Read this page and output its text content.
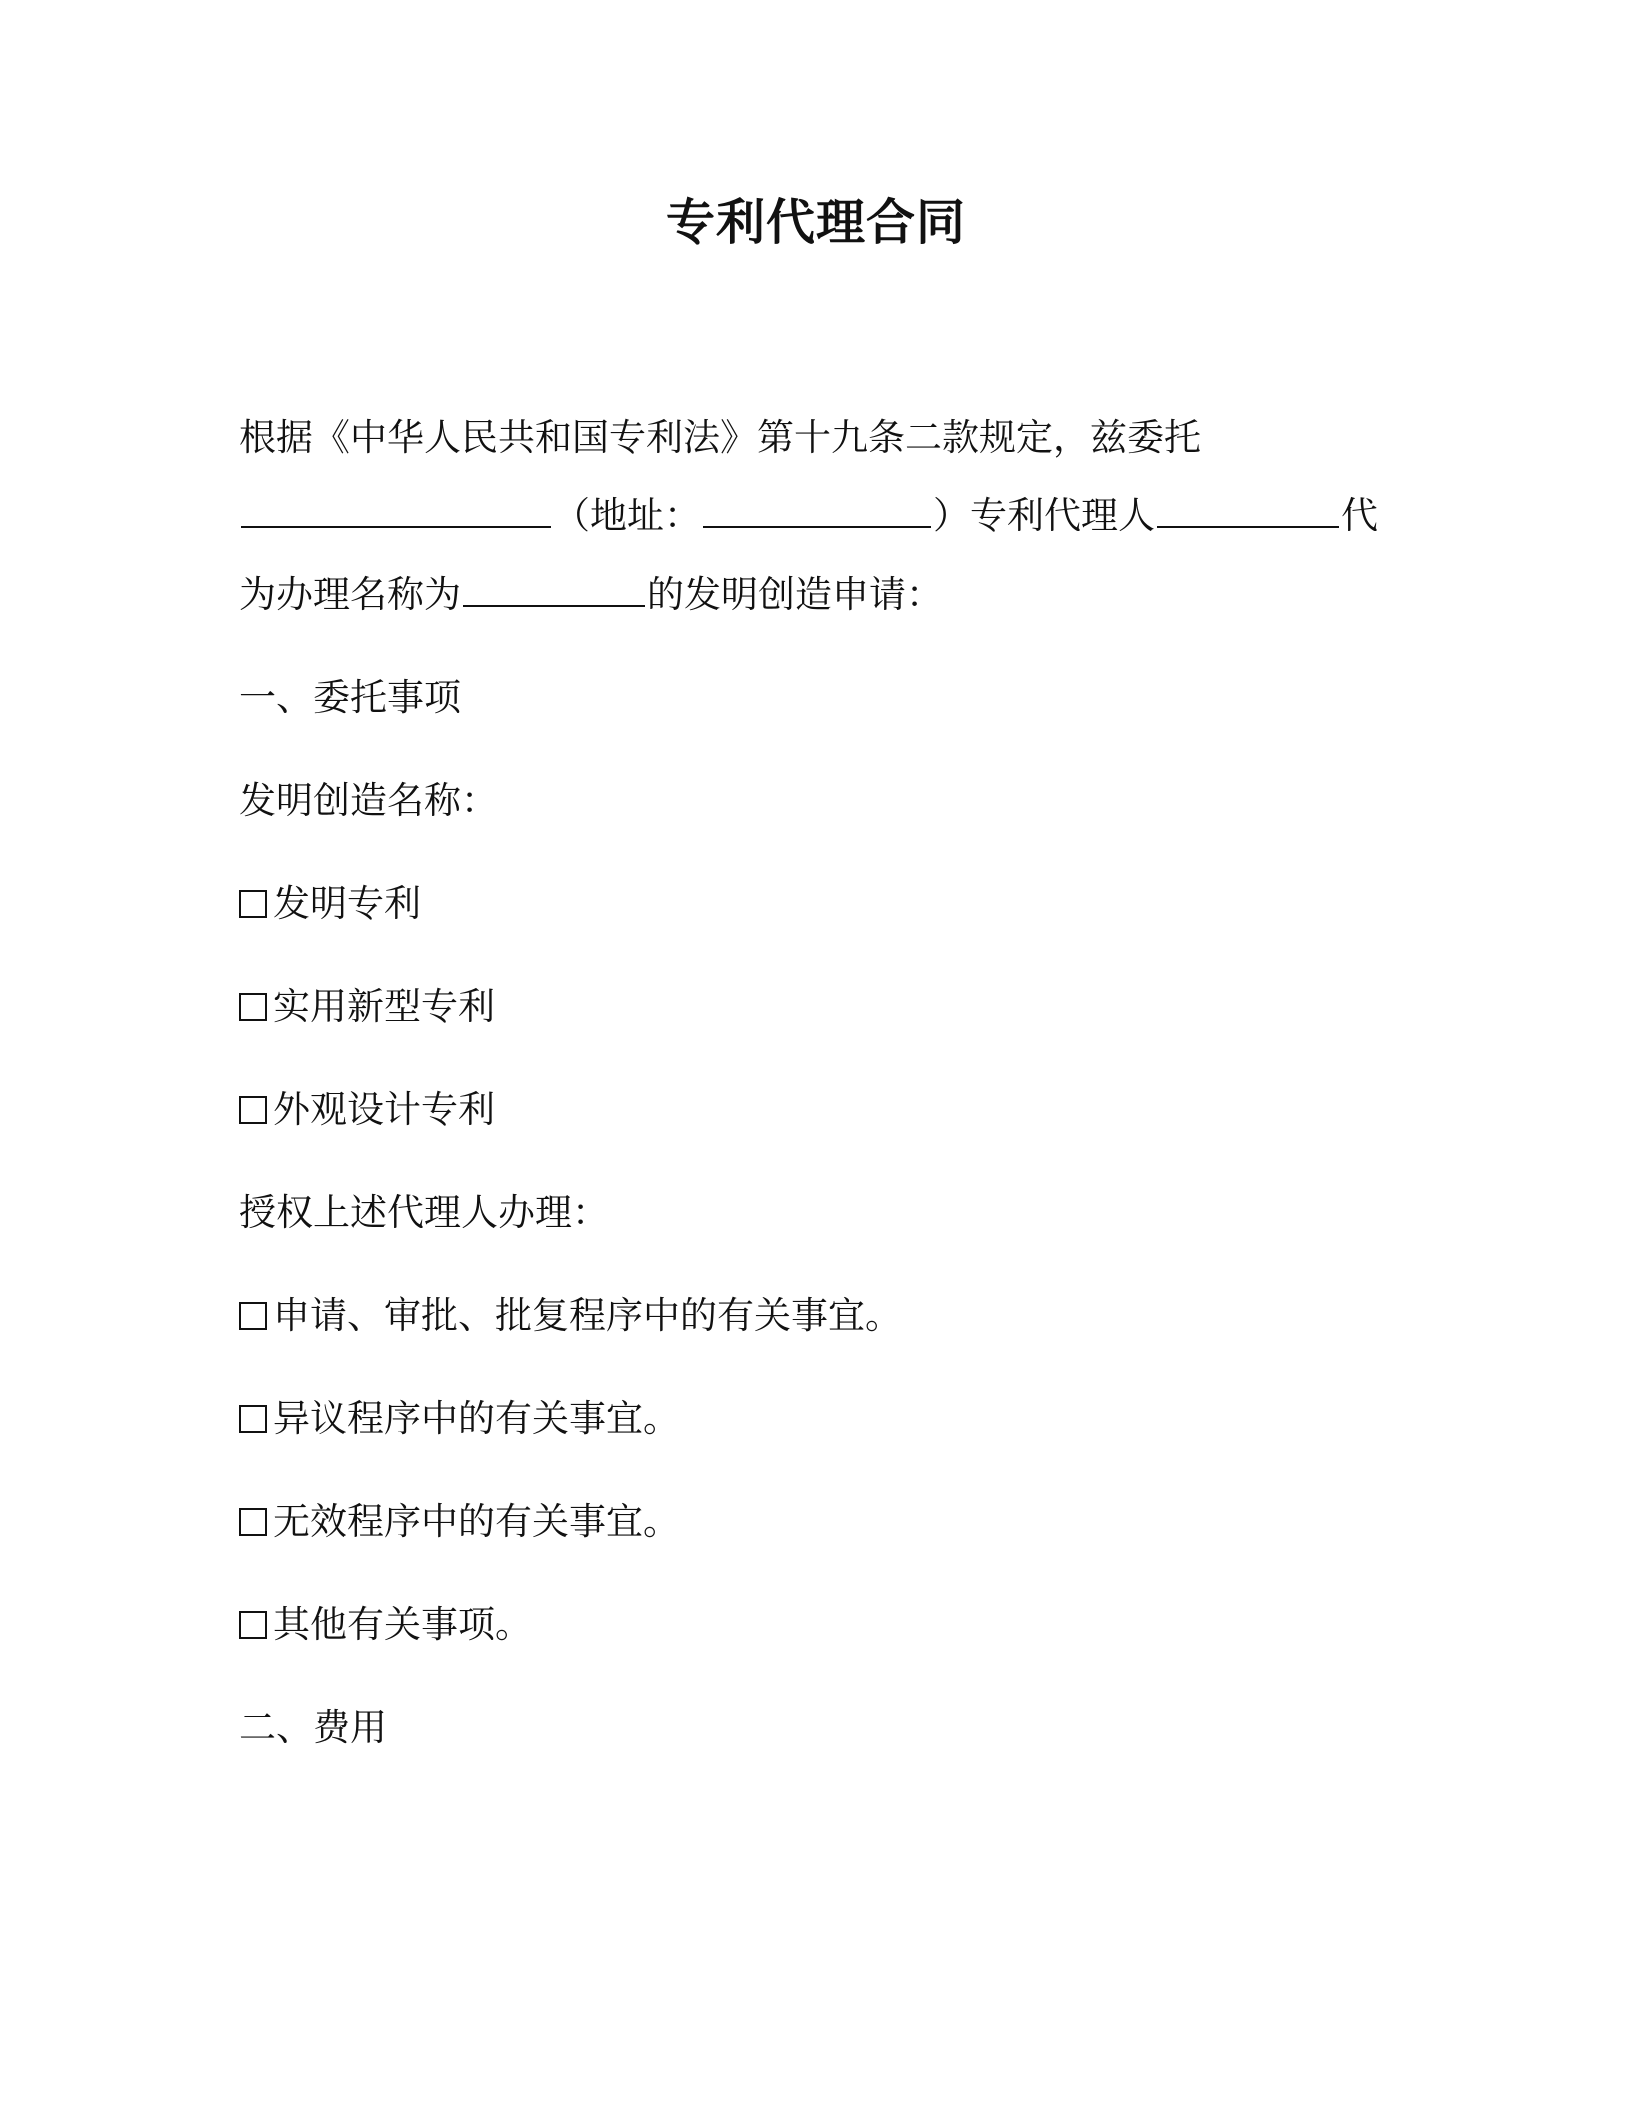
专利代理合同
根据《中华人民共和国专利法》第十九条二款规定，兹委托
（地址：	）专利代理人	代
为办理名称为	的发明创造申请：
一、委托事项
发明创造名称：
发明专利
实用新型专利
外观设计专利
授权上述代理人办理：
申请、审批、批复程序中的有关事宜。
异议程序中的有关事宜。
无效程序中的有关事宜。
其他有关事项。
二、费用
